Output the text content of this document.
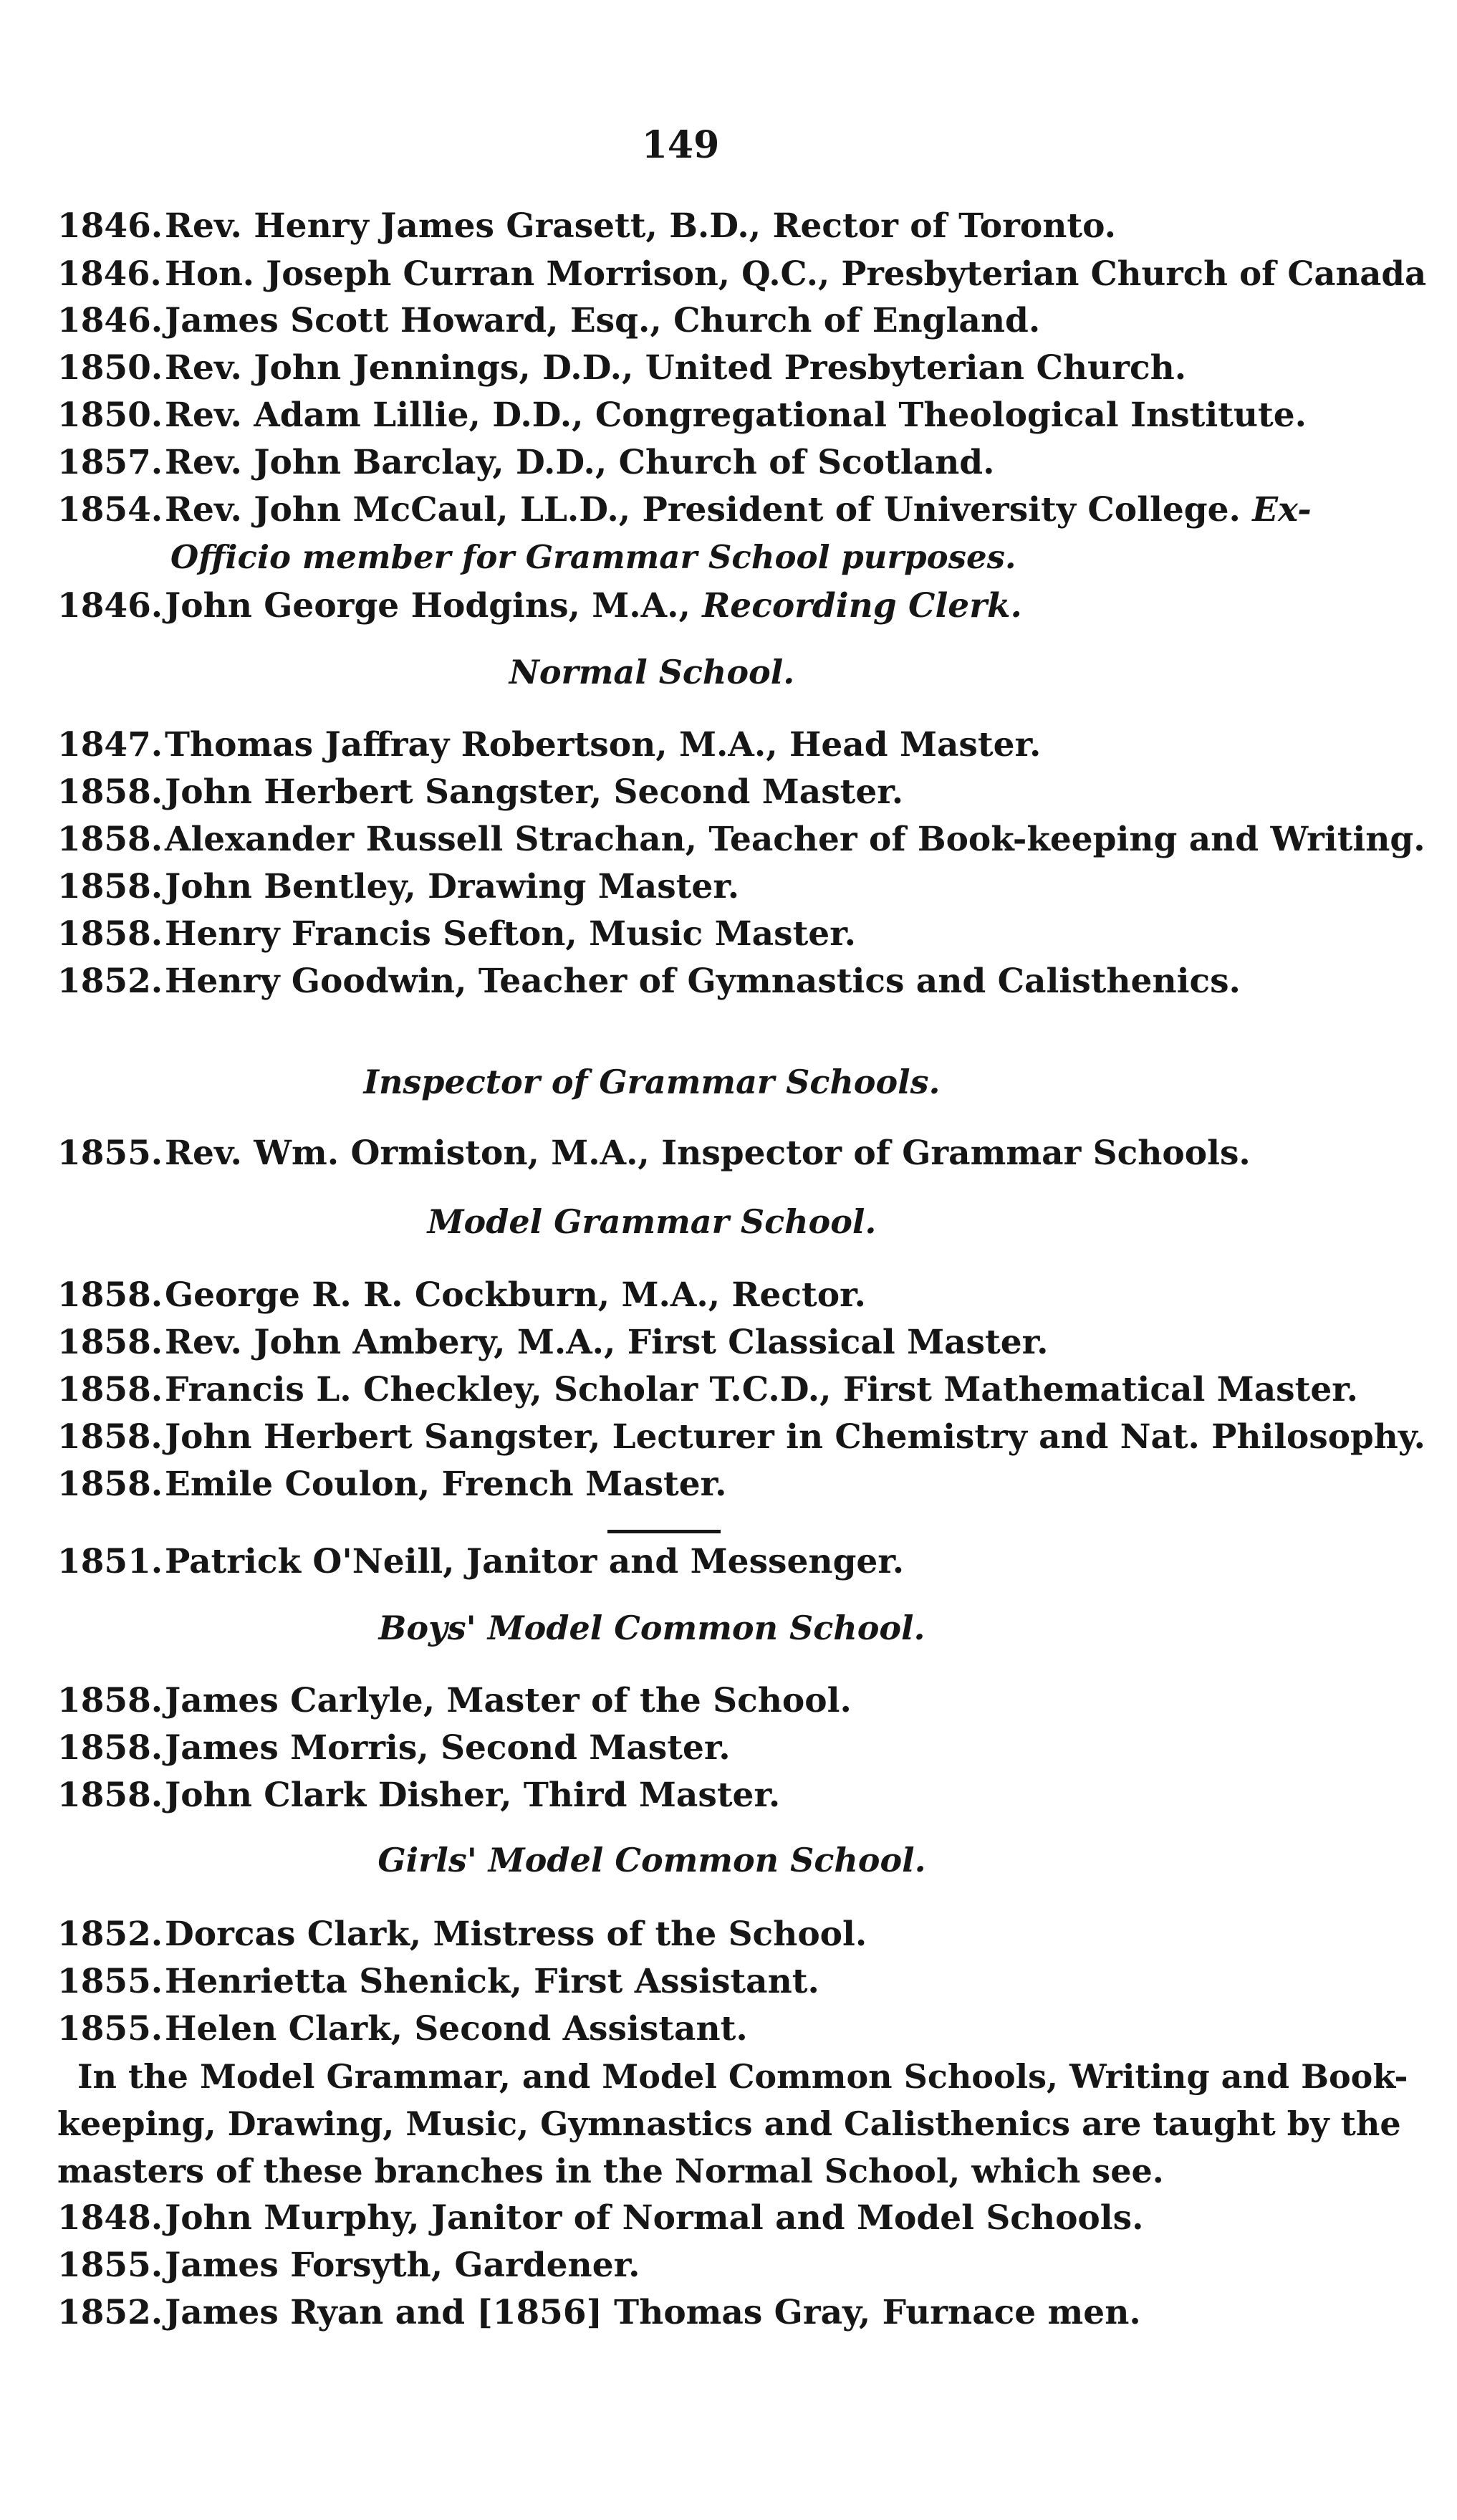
149
1846.Rev. Henry James Grasett, B.D., Rector of Toronto.
1846.Hon. Joseph Curran Morrison, Q.C., Presbyterian Church of Canada
1846.James Scott Howard, Esq., Church of England.
1850.Rev. John Jennings, D.D., United Presbyterian Church.
1850.Rev. Adam Lillie, D.D., Congregational Theological Institute.
1857.Rev. John Barclay, D.D., Church of Scotland.
1854.Rev. John McCaul, LL.D., President of University College. Ex-
Officio member for Grammar School purposes.
1846.John George Hodgins, M.A., Recording Clerk.
Normal School.
1847.Thomas Jaffray Robertson, M.A., Head Master.
1858.John Herbert Sangster, Second Master.
1858.Alexander Russell Strachan, Teacher of Book-keeping and Writing.
1858.John Bentley, Drawing Master.
1858.Henry Francis Sefton, Music Master.
1852.Henry Goodwin, Teacher of Gymnastics and Calisthenics.
Inspector of Grammar Schools.
1855.Rev. Wm. Ormiston, M.A., Inspector of Grammar Schools.
Model Grammar School.
1858.George R. R. Cockburn, M.A., Rector.
1858.Rev. John Ambery, M.A., First Classical Master.
1858.Francis L. Checkley, Scholar T.C.D., First Mathematical Master.
1858.John Herbert Sangster, Lecturer in Chemistry and Nat. Philosophy.
1858.Emile Coulon, French Master.
1851.Patrick O'Neill, Janitor and Messenger.
Boys' Model Common School.
1858.James Carlyle, Master of the School.
1858.James Morris, Second Master.
1858.John Clark Disher, Third Master.
Girls' Model Common School.
1852.Dorcas Clark, Mistress of the School.
1855.Henrietta Shenick, First Assistant.
1855.Helen Clark, Second Assistant.
In the Model Grammar, and Model Common Schools, Writing and Book-
keeping, Drawing, Music, Gymnastics and Calisthenics are taught by the
masters of these branches in the Normal School, which see.
1848.John Murphy, Janitor of Normal and Model Schools.
1855.James Forsyth, Gardener.
1852.James Ryan and [1856] Thomas Gray, Furnace men.
